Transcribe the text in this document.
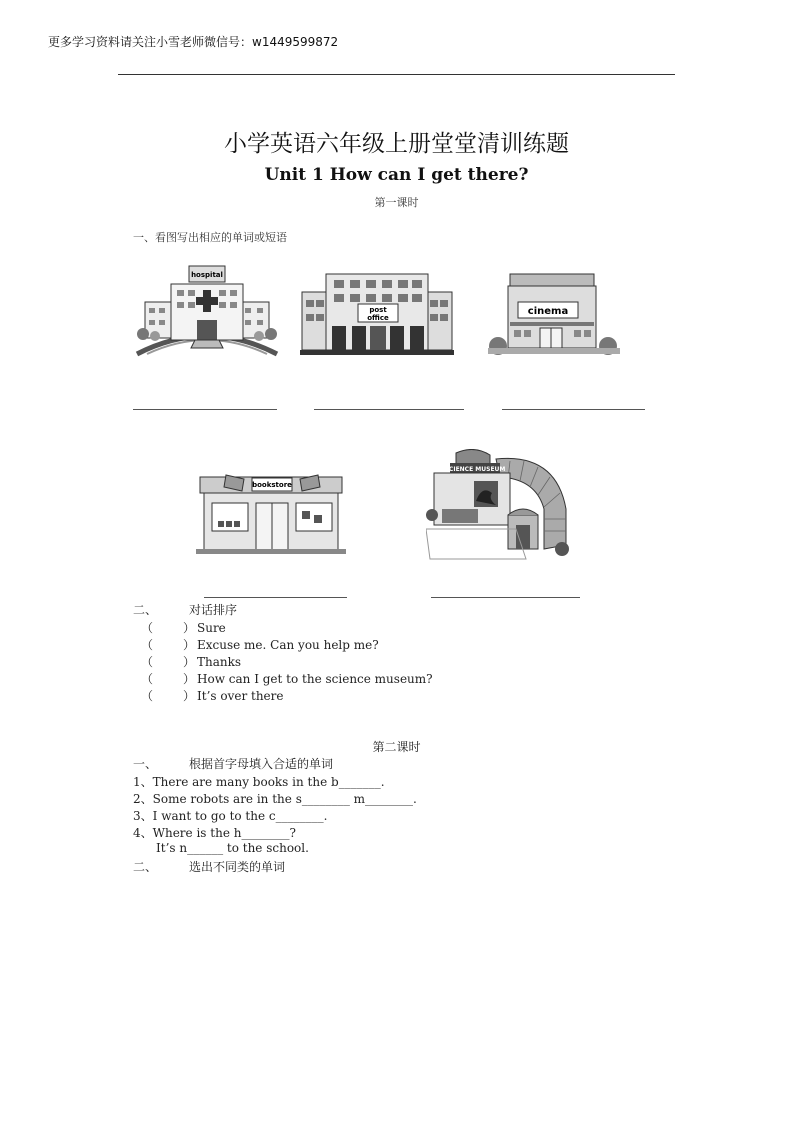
更多学习资料请关注小雪老师微信号：w1449599872
小学英语六年级上册堂堂清训练题
Unit 1 How can I get there?
第一课时
一、看图写出相应的单词或短语
hospital
post
office
cinema
bookstore
SCIENCE MUSEUM
二、	对话排序
（	） Sure
（	） Excuse me. Can you help me?
（	） Thanks
（	） How can I get to the science museum?
（	） It’s over there
第二课时
一、	根据首字母填入合适的单词
1、There are many books in the b_______.
2、Some robots are in the s________ m________.
3、I want to go to the c________.
4、Where is the h________?
It’s n______ to the school.
二、	选出不同类的单词
